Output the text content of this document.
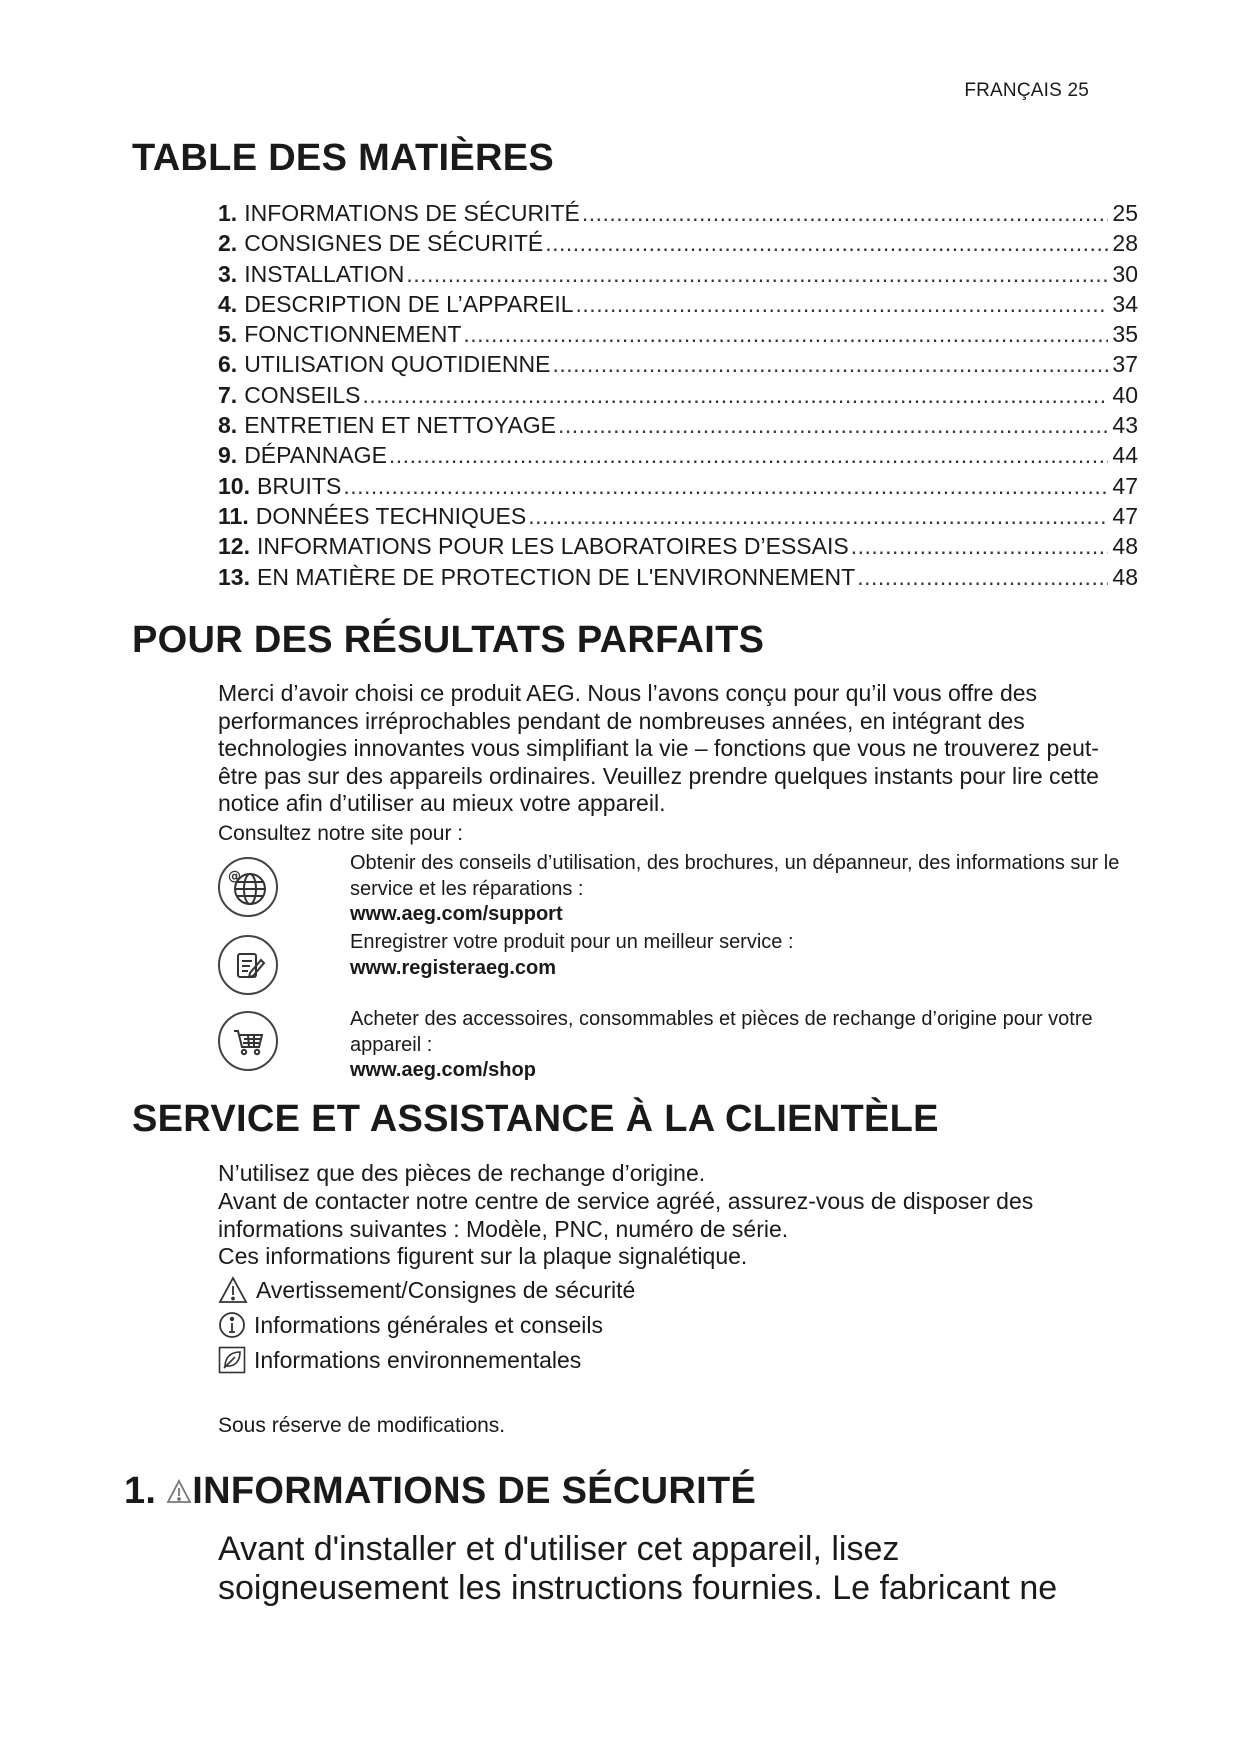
FRANÇAIS 25
TABLE DES MATIÈRES
1. INFORMATIONS DE SÉCURITÉ .....	25
2. CONSIGNES DE SÉCURITÉ .....	28
3. INSTALLATION .....	30
4. DESCRIPTION DE L’APPAREIL .....	34
5. FONCTIONNEMENT .....	35
6. UTILISATION QUOTIDIENNE .....	37
7. CONSEILS .....	40
8. ENTRETIEN ET NETTOYAGE .....	43
9. DÉPANNAGE .....	44
10. BRUITS .....	47
11. DONNÉES TECHNIQUES .....	47
12. INFORMATIONS POUR LES LABORATOIRES D’ESSAIS .....	48
13. EN MATIÈRE DE PROTECTION DE L'ENVIRONNEMENT .....	48
POUR DES RÉSULTATS PARFAITS

Merci d’avoir choisi ce produit AEG. Nous l’avons conçu pour qu’il vous offre des performances irréprochables pendant de nombreuses années, en intégrant des technologies innovantes vous simplifiant la vie – fonctions que vous ne trouverez peut-être pas sur des appareils ordinaires. Veuillez prendre quelques instants pour lire cette notice afin d’utiliser au mieux votre appareil.

Consultez notre site pour :
@
Obtenir des conseils d’utilisation, des brochures, un dépanneur, des informations sur le service et les réparations :
www.aeg.com/support
Enregistrer votre produit pour un meilleur service :
www.registeraeg.com
Acheter des accessoires, consommables et pièces de rechange d’origine pour votre appareil :
www.aeg.com/shop
SERVICE ET ASSISTANCE À LA CLIENTÈLE

N’utilisez que des pièces de rechange d’origine.

Avant de contacter notre centre de service agréé, assurez-vous de disposer des informations suivantes : Modèle, PNC, numéro de série.

Ces informations figurent sur la plaque signalétique.

Avertissement/Consignes de sécurité
Informations générales et conseils
Informations environnementales
Sous réserve de modifications.
1. INFORMATIONS DE SÉCURITÉ

Avant d'installer et d'utiliser cet appareil, lisez soigneusement les instructions fournies. Le fabricant ne
